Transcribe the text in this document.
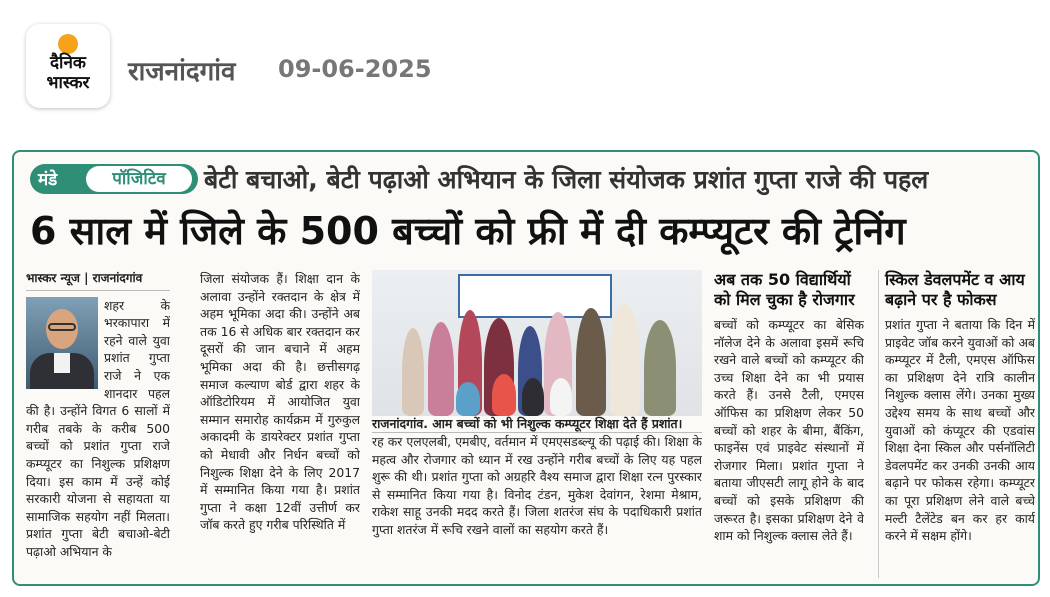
दैनिक
भास्कर	राजनांदगांव 09-06-2025
मंडे	पॉजिटिव	बेटी बचाओ, बेटी पढ़ाओ अभियान के जिला संयोजक प्रशांत गुप्ता राजे की पहल
6 साल में जिले के 500 बच्चों को फ्री में दी कम्प्यूटर की ट्रेनिंग
भास्कर न्यूज | राजनांदगांव
शहर के भरकापारा में रहने वाले युवा प्रशांत गुप्ता राजे ने एक शानदार पहल की है। उन्होंने विगत 6 सालों में गरीब तबके के करीब 500 बच्चों को प्रशांत गुप्ता राजे कम्प्यूटर का निशुल्क प्रशिक्षण दिया। इस काम में उन्हें कोई सरकारी योजना से सहायता या सामाजिक सहयोग नहीं मिलता। प्रशांत गुप्ता बेटी बचाओ-बेटी पढ़ाओ अभियान के
जिला संयोजक हैं। शिक्षा दान के अलावा उन्होंने रक्तदान के क्षेत्र में अहम भूमिका अदा की। उन्होंने अब तक 16 से अधिक बार रक्तदान कर दूसरों की जान बचाने में अहम भूमिका अदा की है। छत्तीसगढ़ समाज कल्याण बोर्ड द्वारा शहर के ऑडिटोरियम में आयोजित युवा सम्मान समारोह कार्यक्रम में गुरुकुल अकादमी के डायरेक्टर प्रशांत गुप्ता को मेधावी और निर्धन बच्चों को निशुल्क शिक्षा देने के लिए 2017 में सम्मानित किया गया है। प्रशांत गुप्ता ने कक्षा 12वीं उत्तीर्ण कर जॉब करते हुए गरीब परिस्थिति में
राजनांदगांव. आम बच्चों को भी निशुल्क कम्प्यूटर शिक्षा देते हैं प्रशांत।
रह कर एलएलबी, एमबीए, वर्तमान में एमएसडब्ल्यू की पढ़ाई की। शिक्षा के महत्व और रोजगार को ध्यान में रख उन्होंने गरीब बच्चों के लिए यह पहल शुरू की थी। प्रशांत गुप्ता को अग्रहरि वैश्य समाज द्वारा शिक्षा रत्न पुरस्कार से सम्मानित किया गया है। विनोद टंडन, मुकेश देवांगन, रेशमा मेश्राम, राकेश साहू उनकी मदद करते हैं। जिला शतरंज संघ के पदाधिकारी प्रशांत गुप्ता शतरंज में रूचि रखने वालों का सहयोग करते हैं।
अब तक 50 विद्यार्थियों को मिल चुका है रोजगार

बच्चों को कम्प्यूटर का बेसिक नॉलेज देने के अलावा इसमें रूचि रखने वाले बच्चों को कम्प्यूटर की उच्च शिक्षा देने का भी प्रयास करते हैं। उनसे टैली, एमएस ऑफिस का प्रशिक्षण लेकर 50 बच्चों को शहर के बीमा, बैंकिंग, फाइनेंस एवं प्राइवेट संस्थानों में रोजगार मिला। प्रशांत गुप्ता ने बताया जीएसटी लागू होने के बाद बच्चों को इसके प्रशिक्षण की जरूरत है। इसका प्रशिक्षण देने वे शाम को निशुल्क क्लास लेते हैं।

स्किल डेवलपमेंट व आय बढ़ाने पर है फोकस

प्रशांत गुप्ता ने बताया कि दिन में प्राइवेट जॉब करने युवाओं को अब कम्प्यूटर में टैली, एमएस ऑफिस का प्रशिक्षण देने रात्रि कालीन निशुल्क क्लास लेंगे। उनका मुख्य उद्देश्य समय के साथ बच्चों और युवाओं को कंप्यूटर की एडवांस शिक्षा देना स्किल और पर्सनॉलिटी डेवलपमेंट कर उनकी उनकी आय बढ़ाने पर फोकस रहेगा। कम्प्यूटर का पूरा प्रशिक्षण लेने वाले बच्चे मल्टी टैलेंटेड बन कर हर कार्य करने में सक्षम होंगे।
